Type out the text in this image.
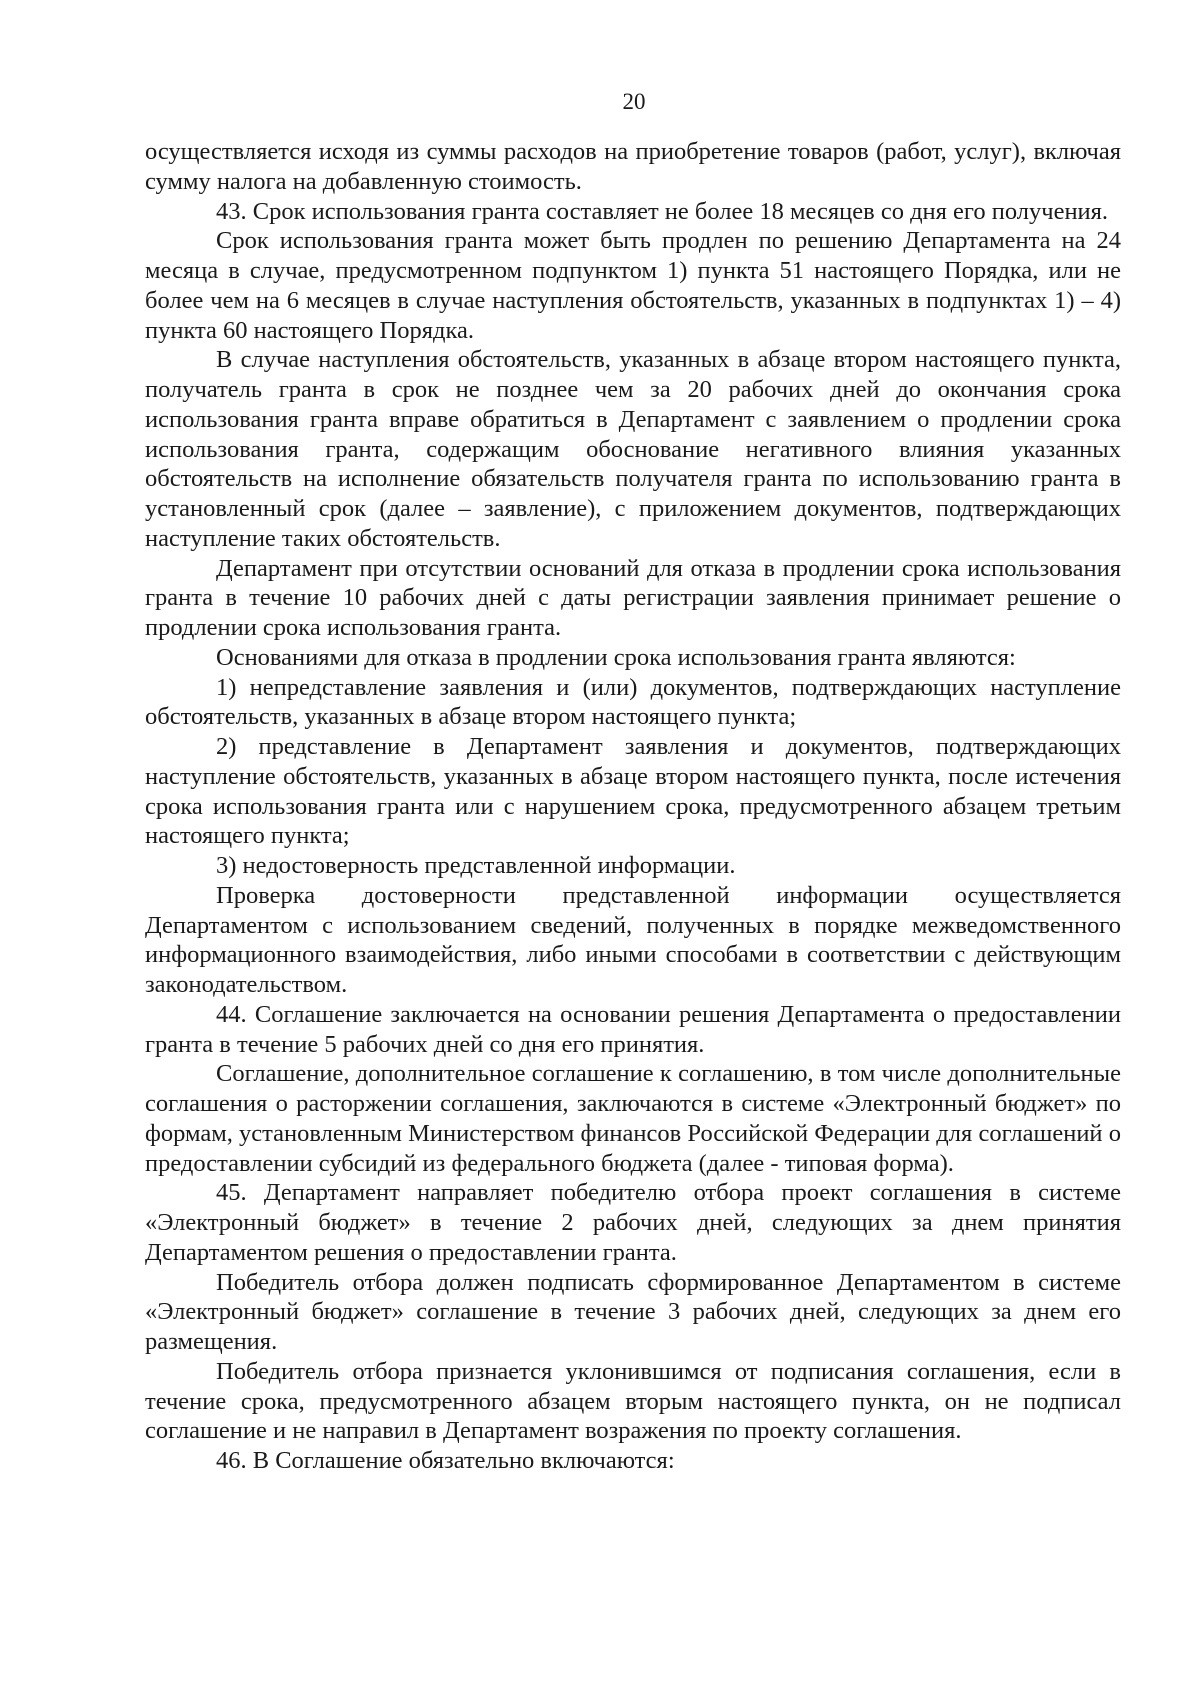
20

осуществляется исходя из суммы расходов на приобретение товаров (работ, услуг), включая сумму налога на добавленную стоимость.

43. Срок использования гранта составляет не более 18 месяцев со дня его получения.

Срок использования гранта может быть продлен по решению Департамента на 24 месяца в случае, предусмотренном подпунктом 1) пункта 51 настоящего Порядка, или не более чем на 6 месяцев в случае наступления обстоятельств, указанных в подпунктах 1) – 4) пункта 60 настоящего Порядка.

В случае наступления обстоятельств, указанных в абзаце втором настоящего пункта, получатель гранта в срок не позднее чем за 20 рабочих дней до окончания срока использования гранта вправе обратиться в Департамент с заявлением о продлении срока использования гранта, содержащим обоснование негативного влияния указанных обстоятельств на исполнение обязательств получателя гранта по использованию гранта в установленный срок (далее – заявление), с приложением документов, подтверждающих наступление таких обстоятельств.

Департамент при отсутствии оснований для отказа в продлении срока использования гранта в течение 10 рабочих дней с даты регистрации заявления принимает решение о продлении срока использования гранта.

Основаниями для отказа в продлении срока использования гранта являются:

1) непредставление заявления и (или) документов, подтверждающих наступление обстоятельств, указанных в абзаце втором настоящего пункта;

2) представление в Департамент заявления и документов, подтверждающих наступление обстоятельств, указанных в абзаце втором настоящего пункта, после истечения срока использования гранта или с нарушением срока, предусмотренного абзацем третьим настоящего пункта;

3) недостоверность представленной информации.

Проверка достоверности представленной информации осуществляется Департаментом с использованием сведений, полученных в порядке межведомственного информационного взаимодействия, либо иными способами в соответствии с действующим законодательством.

44. Соглашение заключается на основании решения Департамента о предоставлении гранта в течение 5 рабочих дней со дня его принятия.

Соглашение, дополнительное соглашение к соглашению, в том числе дополнительные соглашения о расторжении соглашения, заключаются в системе «Электронный бюджет» по формам, установленным Министерством финансов Российской Федерации для соглашений о предоставлении субсидий из федерального бюджета (далее - типовая форма).

45. Департамент направляет победителю отбора проект соглашения в системе «Электронный бюджет» в течение 2 рабочих дней, следующих за днем принятия Департаментом решения о предоставлении гранта.

Победитель отбора должен подписать сформированное Департаментом в системе «Электронный бюджет» соглашение в течение 3 рабочих дней, следующих за днем его размещения.

Победитель отбора признается уклонившимся от подписания соглашения, если в течение срока, предусмотренного абзацем вторым настоящего пункта, он не подписал соглашение и не направил в Департамент возражения по проекту соглашения.

46. В Соглашение обязательно включаются:
